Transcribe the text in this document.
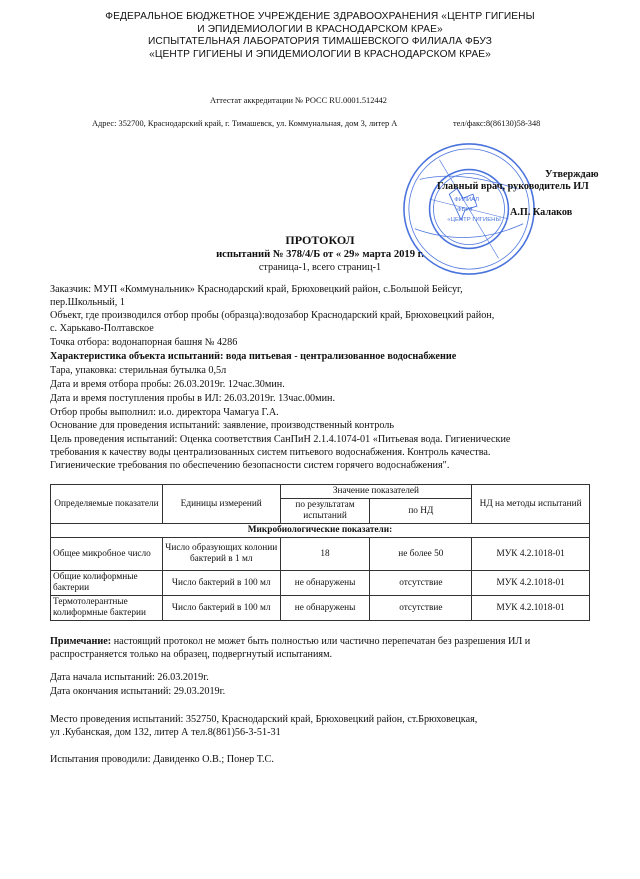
ФЕДЕРАЛЬНОЕ БЮДЖЕТНОЕ УЧРЕЖДЕНИЕ ЗДРАВООХРАНЕНИЯ «ЦЕНТР ГИГИЕНЫ
И ЭПИДЕМИОЛОГИИ В КРАСНОДАРСКОМ КРАЕ»
ИСПЫТАТЕЛЬНАЯ ЛАБОРАТОРИЯ ТИМАШЕВСКОГО ФИЛИАЛА ФБУЗ
«ЦЕНТР ГИГИЕНЫ И ЭПИДЕМИОЛОГИИ В КРАСНОДАРСКОМ КРАЕ»
Аттестат аккредитации № РОСС RU.0001.512442
Адрес: 352700, Краснодарский край, г. Тимашевск, ул. Коммунальная, дом 3, литер А	тел/факс:8(86130)58-348
ФИЛИАЛ
ФБУЗ
«ЦЕНТР ГИГИЕНЫ
Утверждаю
Главный врач, руководитель ИЛ
А.П. Калаков
ПРОТОКОЛ
испытаний № 378/4/Б от « 29» марта 2019 г.
страница-1, всего страниц-1
Заказчик: МУП «Коммунальник» Краснодарский край, Брюховецкий район, с.Большой Бейсуг,
пер.Школьный, 1
Объект, где производился отбор пробы (образца):водозабор Краснодарский край, Брюховецкий район,
с. Харькаво-Полтавское
Точка отбора: водонапорная башня № 4286
Характеристика объекта испытаний: вода питьевая - централизованное водоснабжение
Тара, упаковка: стерильная бутылка 0,5л
Дата и время отбора пробы: 26.03.2019г. 12час.30мин.
Дата и время поступления пробы в ИЛ: 26.03.2019г. 13час.00мин.
Отбор пробы выполнил: и.о. директора Чамагуа Г.А.
Основание для проведения испытаний: заявление, производственный контроль
Цель проведения испытаний: Оценка соответствия СанПиН 2.1.4.1074-01 «Питьевая вода. Гигиенические
требования к качеству воды централизованных систем питьевого водоснабжения. Контроль качества.
Гигиенические требования по обеспечению безопасности систем горячего водоснабжения".
Определяемые показатели	Единицы измерений	Значение показателей		НД на методы испытаний
		по результатам испытаний	по НД	
Микробиологические показатели:				
Общее микробное число	Число образующих колонии бактерий в 1 мл	18	не более 50	МУК 4.2.1018-01
Общие колиформные бактерии	Число бактерий в 100 мл	не обнаружены	отсутствие	МУК 4.2.1018-01
Термотолерантные колиформные бактерии	Число бактерий в 100 мл	не обнаружены	отсутствие	МУК 4.2.1018-01
Примечание: настоящий протокол не может быть полностью или частично перепечатан без разрешения ИЛ и
распространяется только на образец, подвергнутый испытаниям.
Дата начала испытаний: 26.03.2019г.
Дата окончания испытаний: 29.03.2019г.
Место проведения испытаний: 352750, Краснодарский край, Брюховецкий район, ст.Брюховецкая,
ул .Кубанская, дом 132, литер А тел.8(861)56-3-51-31
Испытания проводили: Давиденко О.В.; Понер Т.С.
